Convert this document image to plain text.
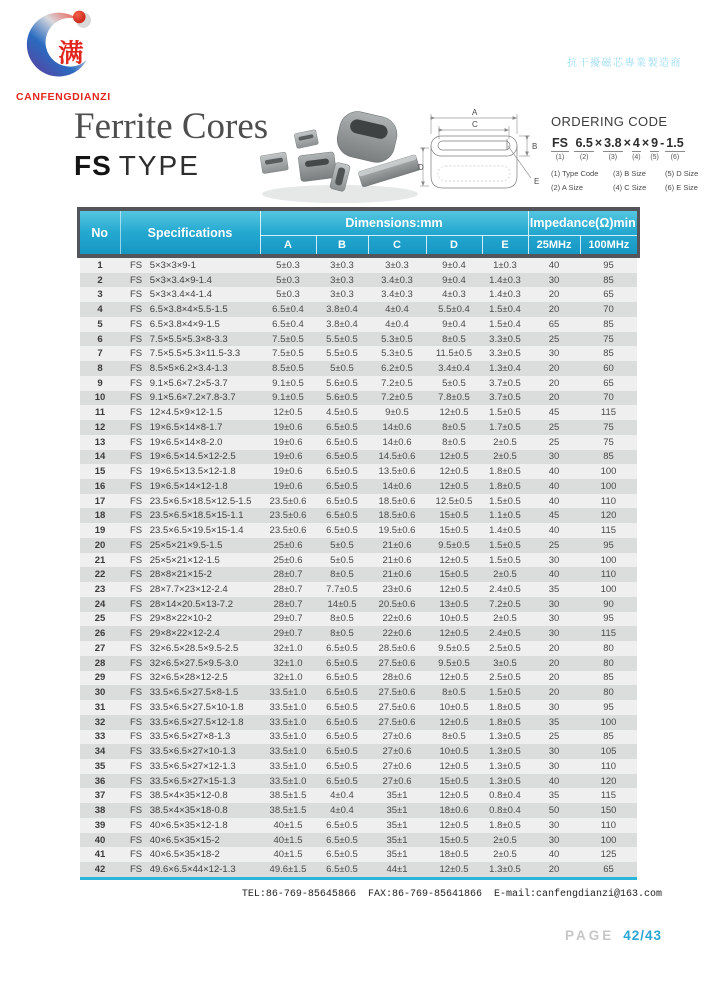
满
CANFENGDIANZI
抗干擾磁芯專業製造商
Ferrite Cores
FS TYPE
A
C
B
D
E
ORDERING CODE
FS
(1)

6.5
(2)
× 3.8
(3)
× 4
(4)
× 9
(5)
- 1.5
(6)
(1) Type Code	(3) B Size	(5) D Size
(2) A Size	(4) C Size	(6) E Size
No	Specifications	Dimensions:mm					Impedance(Ω)min	
		A	B	C	D	E	25MHz	100MHz
1	FS 5×3×3×9-1	5±0.3	3±0.3	3±0.3	9±0.4	1±0.3	40	95
2	FS 5×3×3.4×9-1.4	5±0.3	3±0.3	3.4±0.3	9±0.4	1.4±0.3	30	85
3	FS 5×3×3.4×4-1.4	5±0.3	3±0.3	3.4±0.3	4±0.3	1.4±0.3	20	65
4	FS 6.5×3.8×4×5.5-1.5	6.5±0.4	3.8±0.4	4±0.4	5.5±0.4	1.5±0.4	20	70
5	FS 6.5×3.8×4×9-1.5	6.5±0.4	3.8±0.4	4±0.4	9±0.4	1.5±0.4	65	85
6	FS 7.5×5.5×5.3×8-3.3	7.5±0.5	5.5±0.5	5.3±0.5	8±0.5	3.3±0.5	25	75
7	FS 7.5×5.5×5.3×11.5-3.3	7.5±0.5	5.5±0.5	5.3±0.5	11.5±0.5	3.3±0.5	30	85
8	FS 8.5×5×6.2×3.4-1.3	8.5±0.5	5±0.5	6.2±0.5	3.4±0.4	1.3±0.4	20	60
9	FS 9.1×5.6×7.2×5-3.7	9.1±0.5	5.6±0.5	7.2±0.5	5±0.5	3.7±0.5	20	65
10	FS 9.1×5.6×7.2×7.8-3.7	9.1±0.5	5.6±0.5	7.2±0.5	7.8±0.5	3.7±0.5	20	70
11	FS 12×4.5×9×12-1.5	12±0.5	4.5±0.5	9±0.5	12±0.5	1.5±0.5	45	115
12	FS 19×6.5×14×8-1.7	19±0.6	6.5±0.5	14±0.6	8±0.5	1.7±0.5	25	75
13	FS 19×6.5×14×8-2.0	19±0.6	6.5±0.5	14±0.6	8±0.5	2±0.5	25	75
14	FS 19×6.5×14.5×12-2.5	19±0.6	6.5±0.5	14.5±0.6	12±0.5	2±0.5	30	85
15	FS 19×6.5×13.5×12-1.8	19±0.6	6.5±0.5	13.5±0.6	12±0.5	1.8±0.5	40	100
16	FS 19×6.5×14×12-1.8	19±0.6	6.5±0.5	14±0.6	12±0.5	1.8±0.5	40	100
17	FS 23.5×6.5×18.5×12.5-1.5	23.5±0.6	6.5±0.5	18.5±0.6	12.5±0.5	1.5±0.5	40	110
18	FS 23.5×6.5×18.5×15-1.1	23.5±0.6	6.5±0.5	18.5±0.6	15±0.5	1.1±0.5	45	120
19	FS 23.5×6.5×19.5×15-1.4	23.5±0.6	6.5±0.5	19.5±0.6	15±0.5	1.4±0.5	40	115
20	FS 25×5×21×9.5-1.5	25±0.6	5±0.5	21±0.6	9.5±0.5	1.5±0.5	25	95
21	FS 25×5×21×12-1.5	25±0.6	5±0.5	21±0.6	12±0.5	1.5±0.5	30	100
22	FS 28×8×21×15-2	28±0.7	8±0.5	21±0.6	15±0.5	2±0.5	40	110
23	FS 28×7.7×23×12-2.4	28±0.7	7.7±0.5	23±0.6	12±0.5	2.4±0.5	35	100
24	FS 28×14×20.5×13-7.2	28±0.7	14±0.5	20.5±0.6	13±0.5	7.2±0.5	30	90
25	FS 29×8×22×10-2	29±0.7	8±0.5	22±0.6	10±0.5	2±0.5	30	95
26	FS 29×8×22×12-2.4	29±0.7	8±0.5	22±0.6	12±0.5	2.4±0.5	30	115
27	FS 32×6.5×28.5×9.5-2.5	32±1.0	6.5±0.5	28.5±0.6	9.5±0.5	2.5±0.5	20	80
28	FS 32×6.5×27.5×9.5-3.0	32±1.0	6.5±0.5	27.5±0.6	9.5±0.5	3±0.5	20	80
29	FS 32×6.5×28×12-2.5	32±1.0	6.5±0.5	28±0.6	12±0.5	2.5±0.5	20	85
30	FS 33.5×6.5×27.5×8-1.5	33.5±1.0	6.5±0.5	27.5±0.6	8±0.5	1.5±0.5	20	80
31	FS 33.5×6.5×27.5×10-1.8	33.5±1.0	6.5±0.5	27.5±0.6	10±0.5	1.8±0.5	30	95
32	FS 33.5×6.5×27.5×12-1.8	33.5±1.0	6.5±0.5	27.5±0.6	12±0.5	1.8±0.5	35	100
33	FS 33.5×6.5×27×8-1.3	33.5±1.0	6.5±0.5	27±0.6	8±0.5	1.3±0.5	25	85
34	FS 33.5×6.5×27×10-1.3	33.5±1.0	6.5±0.5	27±0.6	10±0.5	1.3±0.5	30	105
35	FS 33.5×6.5×27×12-1.3	33.5±1.0	6.5±0.5	27±0.6	12±0.5	1.3±0.5	30	110
36	FS 33.5×6.5×27×15-1.3	33.5±1.0	6.5±0.5	27±0.6	15±0.5	1.3±0.5	40	120
37	FS 38.5×4×35×12-0.8	38.5±1.5	4±0.4	35±1	12±0.5	0.8±0.4	35	115
38	FS 38.5×4×35×18-0.8	38.5±1.5	4±0.4	35±1	18±0.6	0.8±0.4	50	150
39	FS 40×6.5×35×12-1.8	40±1.5	6.5±0.5	35±1	12±0.5	1.8±0.5	30	110
40	FS 40×6.5×35×15-2	40±1.5	6.5±0.5	35±1	15±0.5	2±0.5	30	100
41	FS 40×6.5×35×18-2	40±1.5	6.5±0.5	35±1	18±0.5	2±0.5	40	125
42	FS 49.6×6.5×44×12-1.3	49.6±1.5	6.5±0.5	44±1	12±0.5	1.3±0.5	20	65
TEL:86-769-85645866  FAX:86-769-85641866  E-mail:canfengdianzi@163.com
PAGE 42/43
